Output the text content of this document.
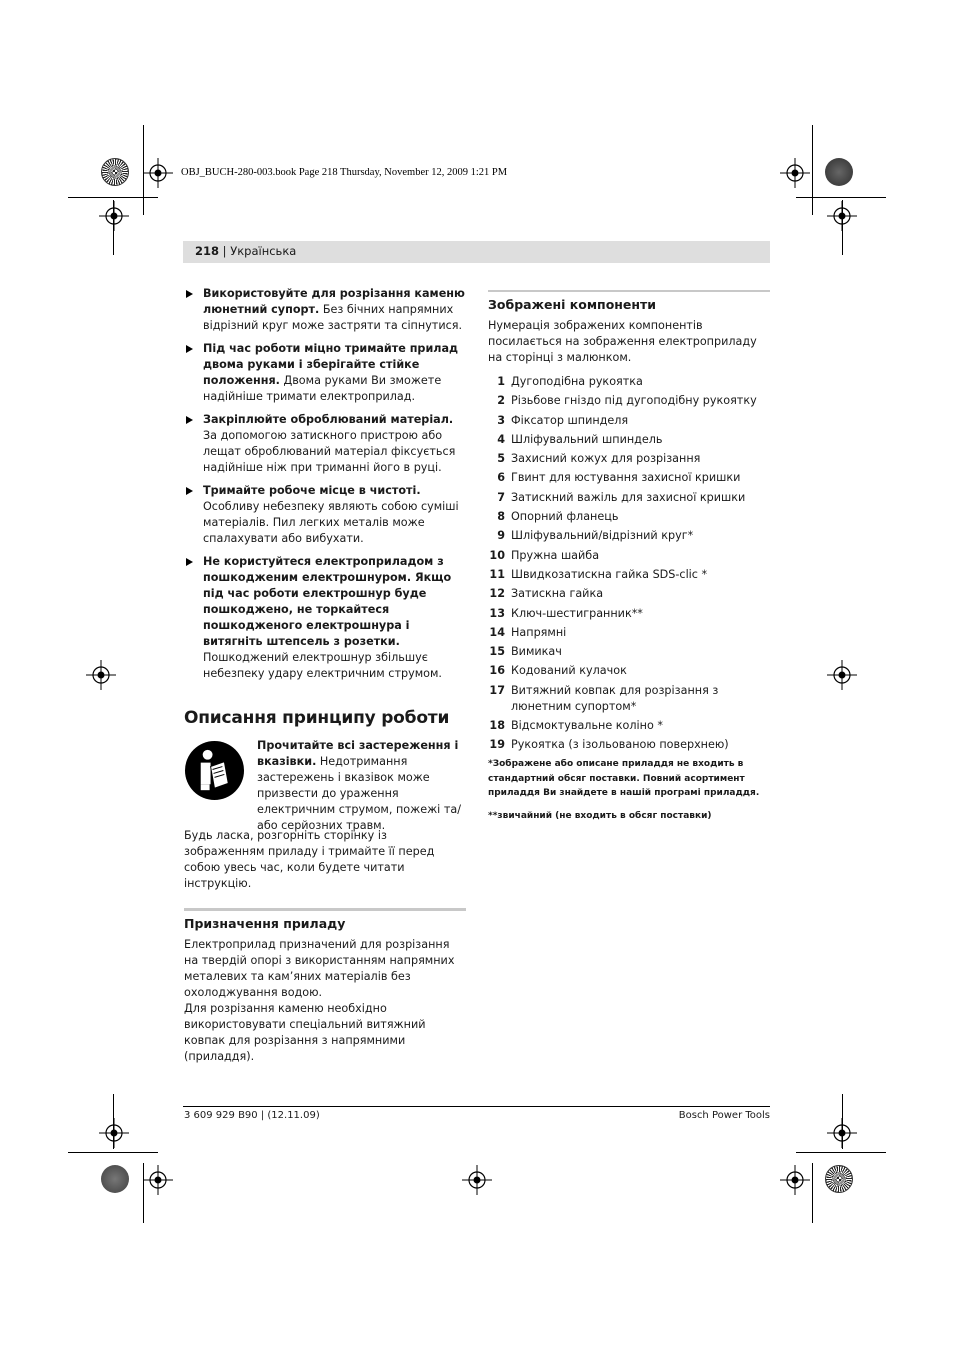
OBJ_BUCH-280-003.book Page 218 Thursday, November 12, 2009 1:21 PM
218 | Українська
Використовуйте для розрізання каменю люнетний супорт. Без бічних напрямних відрізний круг може застряти та сіпнутися.
Під час роботи міцно тримайте прилад двома руками і зберігайте стійке положення. Двома руками Ви зможете надійніше тримати електроприлад.
Закріплюйте оброблюваний матеріал. За допомогою затискного пристрою або лещат оброблюваний матеріал фіксується надійніше ніж при триманні його в руці.
Тримайте робоче місце в чистоті. Особливу небезпеку являють собою суміші матеріалів. Пил легких металів може спалахувати або вибухати.
Не користуйтеся електроприладом з пошкодженим електрошнуром. Якщо під час роботи електрошнур буде пошкоджено, не торкайтеся пошкодженого електрошнура і витягніть штепсель з розетки. Пошкоджений електрошнур збільшує небезпеку удару електричним струмом.
Описання принципу роботи
Прочитайте всі застереження і вказівки. Недотримання застережень і вказівок може призвести до ураження електричним струмом, пожежі та/або серйозних травм.
Будь ласка, розгорніть сторінку із зображенням приладу і тримайте її перед собою увесь час, коли будете читати інструкцію.
Призначення приладу
Електроприлад призначений для розрізання на твердій опорі з використанням напрямних металевих та кам’яних матеріалів без охолоджування водою.
Для розрізання каменю необхідно використовувати спеціальний витяжний ковпак для розрізання з напрямними (приладдя).
Зображені компоненти
Нумерація зображених компонентів посилається на зображення електроприладу на сторінці з малюнком.
1 Дугоподібна рукоятка
2 Різьбове гніздо під дугоподібну рукоятку
3 Фіксатор шпинделя
4 Шліфувальний шпиндель
5 Захисний кожух для розрізання
6 Гвинт для юстування захисної кришки
7 Затискний важіль для захисної кришки
8 Опорний фланець
9 Шліфувальний/відрізний круг*
10 Пружна шайба
11 Швидкозатискна гайка SDS-clic *
12 Затискна гайка
13 Ключ-шестигранник**
14 Напрямні
15 Вимикач
16 Кодований кулачок
17 Витяжний ковпак для розрізання з люнетним супортом*
18 Відсмоктувальне коліно *
19 Рукоятка (з ізольованою поверхнею)
*Зображене або описане приладдя не входить в стандартний обсяг поставки. Повний асортимент приладдя Ви знайдете в нашій програмі приладдя.
**звичайний (не входить в обсяг поставки)
3 609 929 B90 | (12.11.09)	Bosch Power Tools
